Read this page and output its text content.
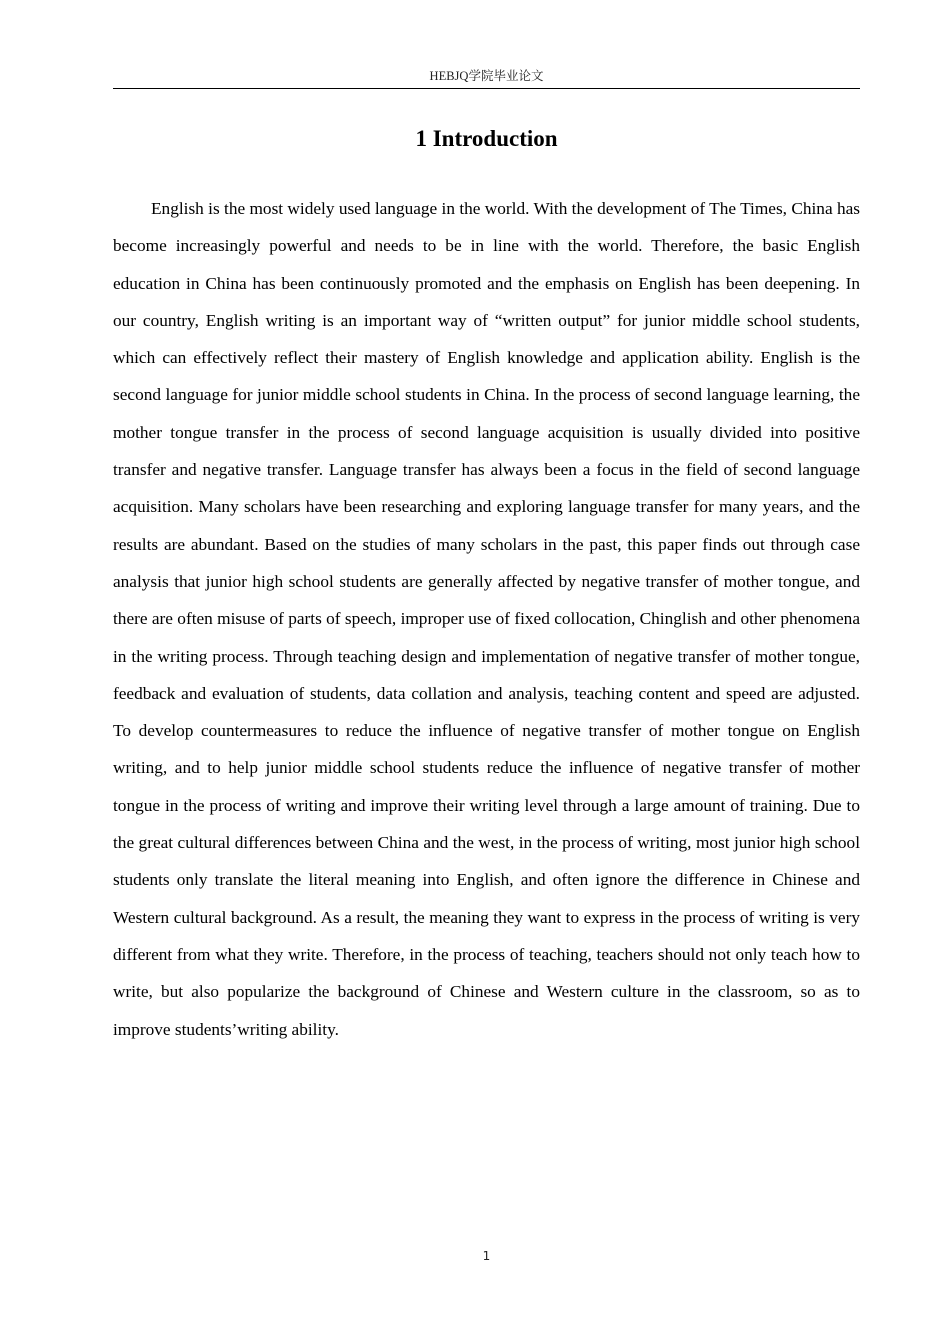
HEBJQ学院毕业论文
1 Introduction

English is the most widely used language in the world. With the development of The Times, China has become increasingly powerful and needs to be in line with the world. Therefore, the basic English education in China has been continuously promoted and the emphasis on English has been deepening. In our country, English writing is an important way of “written output” for junior middle school students, which can effectively reflect their mastery of English knowledge and application ability. English is the second language for junior middle school students in China. In the process of second language learning, the mother tongue transfer in the process of second language acquisition is usually divided into positive transfer and negative transfer. Language transfer has always been a focus in the field of second language acquisition. Many scholars have been researching and exploring language transfer for many years, and the results are abundant. Based on the studies of many scholars in the past, this paper finds out through case analysis that junior high school students are generally affected by negative transfer of mother tongue, and there are often misuse of parts of speech, improper use of fixed collocation, Chinglish and other phenomena in the writing process. Through teaching design and implementation of negative transfer of mother tongue, feedback and evaluation of students, data collation and analysis, teaching content and speed are adjusted. To develop countermeasures to reduce the influence of negative transfer of mother tongue on English writing, and to help junior middle school students reduce the influence of negative transfer of mother tongue in the process of writing and improve their writing level through a large amount of training. Due to the great cultural differences between China and the west, in the process of writing, most junior high school students only translate the literal meaning into English, and often ignore the difference in Chinese and Western cultural background. As a result, the meaning they want to express in the process of writing is very different from what they write. Therefore, in the process of teaching, teachers should not only teach how to write, but also popularize the background of Chinese and Western culture in the classroom, so as to improve students’writing ability.

1
